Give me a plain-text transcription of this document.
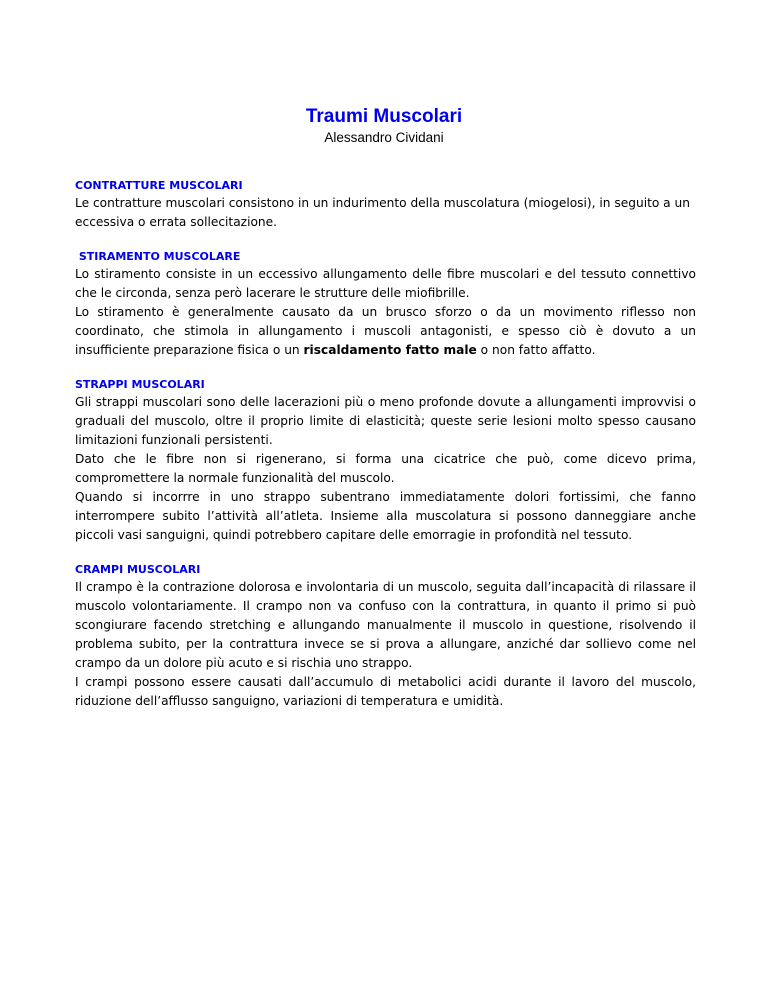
Traumi Muscolari

Alessandro Cividani

CONTRATTURE MUSCOLARI

Le contratture muscolari consistono in un indurimento della muscolatura (miogelosi), in seguito a un eccessiva o errata sollecitazione.

STIRAMENTO MUSCOLARE

Lo stiramento consiste in un eccessivo allungamento delle fibre muscolari e del tessuto connettivo che le circonda, senza però lacerare le strutture delle miofibrille.

Lo stiramento è generalmente causato da un brusco sforzo o da un movimento riflesso non coordinato, che stimola in allungamento i muscoli antagonisti, e spesso ciò è dovuto a un insufficiente preparazione fisica o un riscaldamento fatto male o non fatto affatto.

STRAPPI MUSCOLARI

Gli strappi muscolari sono delle lacerazioni più o meno profonde dovute a allungamenti improvvisi o graduali del muscolo, oltre il proprio limite di elasticità; queste serie lesioni molto spesso causano limitazioni funzionali persistenti.

Dato che le fibre non si rigenerano, si forma una cicatrice che può, come dicevo prima, compromettere la normale funzionalità del muscolo.

Quando si incorrre in uno strappo subentrano immediatamente dolori fortissimi, che fanno interrompere subito l’attività all’atleta. Insieme alla muscolatura si possono danneggiare anche piccoli vasi sanguigni, quindi potrebbero capitare delle emorragie in profondità nel tessuto.

CRAMPI MUSCOLARI

Il crampo è la contrazione dolorosa e involontaria di un muscolo, seguita dall’incapacità di rilassare il muscolo volontariamente. Il crampo non va confuso con la contrattura, in quanto il primo si può scongiurare facendo stretching e allungando manualmente il muscolo in questione, risolvendo il problema subito, per la contrattura invece se si prova a allungare, anziché dar sollievo come nel crampo da un dolore più acuto e si rischia uno strappo.

I crampi possono essere causati dall’accumulo di metabolici acidi durante il lavoro del muscolo, riduzione dell’afflusso sanguigno, variazioni di temperatura e umidità.
